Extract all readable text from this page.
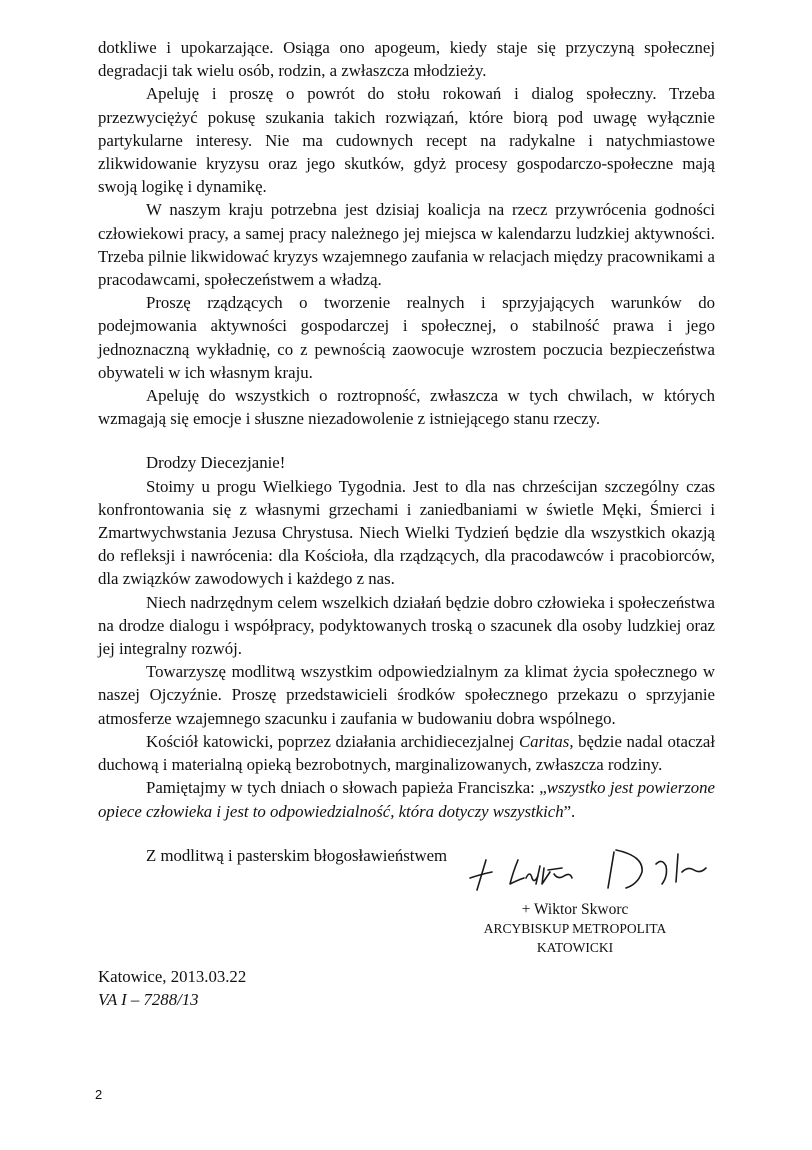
dotkliwe i upokarzające. Osiąga ono apogeum, kiedy staje się przyczyną społecznej degradacji tak wielu osób, rodzin, a zwłaszcza młodzieży.

Apeluję i proszę o powrót do stołu rokowań i dialog społeczny. Trzeba przezwyciężyć pokusę szukania takich rozwiązań, które biorą pod uwagę wyłącznie partykularne interesy. Nie ma cudownych recept na radykalne i natychmiastowe zlikwidowanie kryzysu oraz jego skutków, gdyż procesy gospodarczo-społeczne mają swoją logikę i dynamikę.

W naszym kraju potrzebna jest dzisiaj koalicja na rzecz przywrócenia godności człowiekowi pracy, a samej pracy należnego jej miejsca w kalendarzu ludzkiej aktywności. Trzeba pilnie likwidować kryzys wzajemnego zaufania w relacjach między pracownikami a pracodawcami, społeczeństwem a władzą.

Proszę rządzących o tworzenie realnych i sprzyjających warunków do podejmowania aktywności gospodarczej i społecznej, o stabilność prawa i jego jednoznaczną wykładnię, co z pewnością zaowocuje wzrostem poczucia bezpieczeństwa obywateli w ich własnym kraju.

Apeluję do wszystkich o roztropność, zwłaszcza w tych chwilach, w których wzmagają się emocje i słuszne niezadowolenie z istniejącego stanu rzeczy.

Drodzy Diecezjanie!

Stoimy u progu Wielkiego Tygodnia. Jest to dla nas chrześcijan szczególny czas konfrontowania się z własnymi grzechami i zaniedbaniami w świetle Męki, Śmierci i Zmartwychwstania Jezusa Chrystusa. Niech Wielki Tydzień będzie dla wszystkich okazją do refleksji i nawrócenia: dla Kościoła, dla rządzących, dla pracodawców i pracobiorców, dla związków zawodowych i każdego z nas.

Niech nadrzędnym celem wszelkich działań będzie dobro człowieka i społeczeństwa na drodze dialogu i współpracy, podyktowanych troską o szacunek dla osoby ludzkiej oraz jej integralny rozwój.

Towarzyszę modlitwą wszystkim odpowiedzialnym za klimat życia społecznego w naszej Ojczyźnie. Proszę przedstawicieli środków społecznego przekazu o sprzyjanie atmosferze wzajemnego szacunku i zaufania w budowaniu dobra wspólnego.

Kościół katowicki, poprzez działania archidiecezjalnej Caritas, będzie nadal otaczał duchową i materialną opieką bezrobotnych, marginalizowanych, zwłaszcza rodziny.

Pamiętajmy w tych dniach o słowach papieża Franciszka: „wszystko jest powierzone opiece człowieka i jest to odpowiedzialność, która dotyczy wszystkich”.

Z modlitwą i pasterskim błogosławieństwem

+ Wiktor Skworc
ARCYBISKUP METROPOLITA
KATOWICKI
Katowice, 2013.03.22
VA I – 7288/13
2
